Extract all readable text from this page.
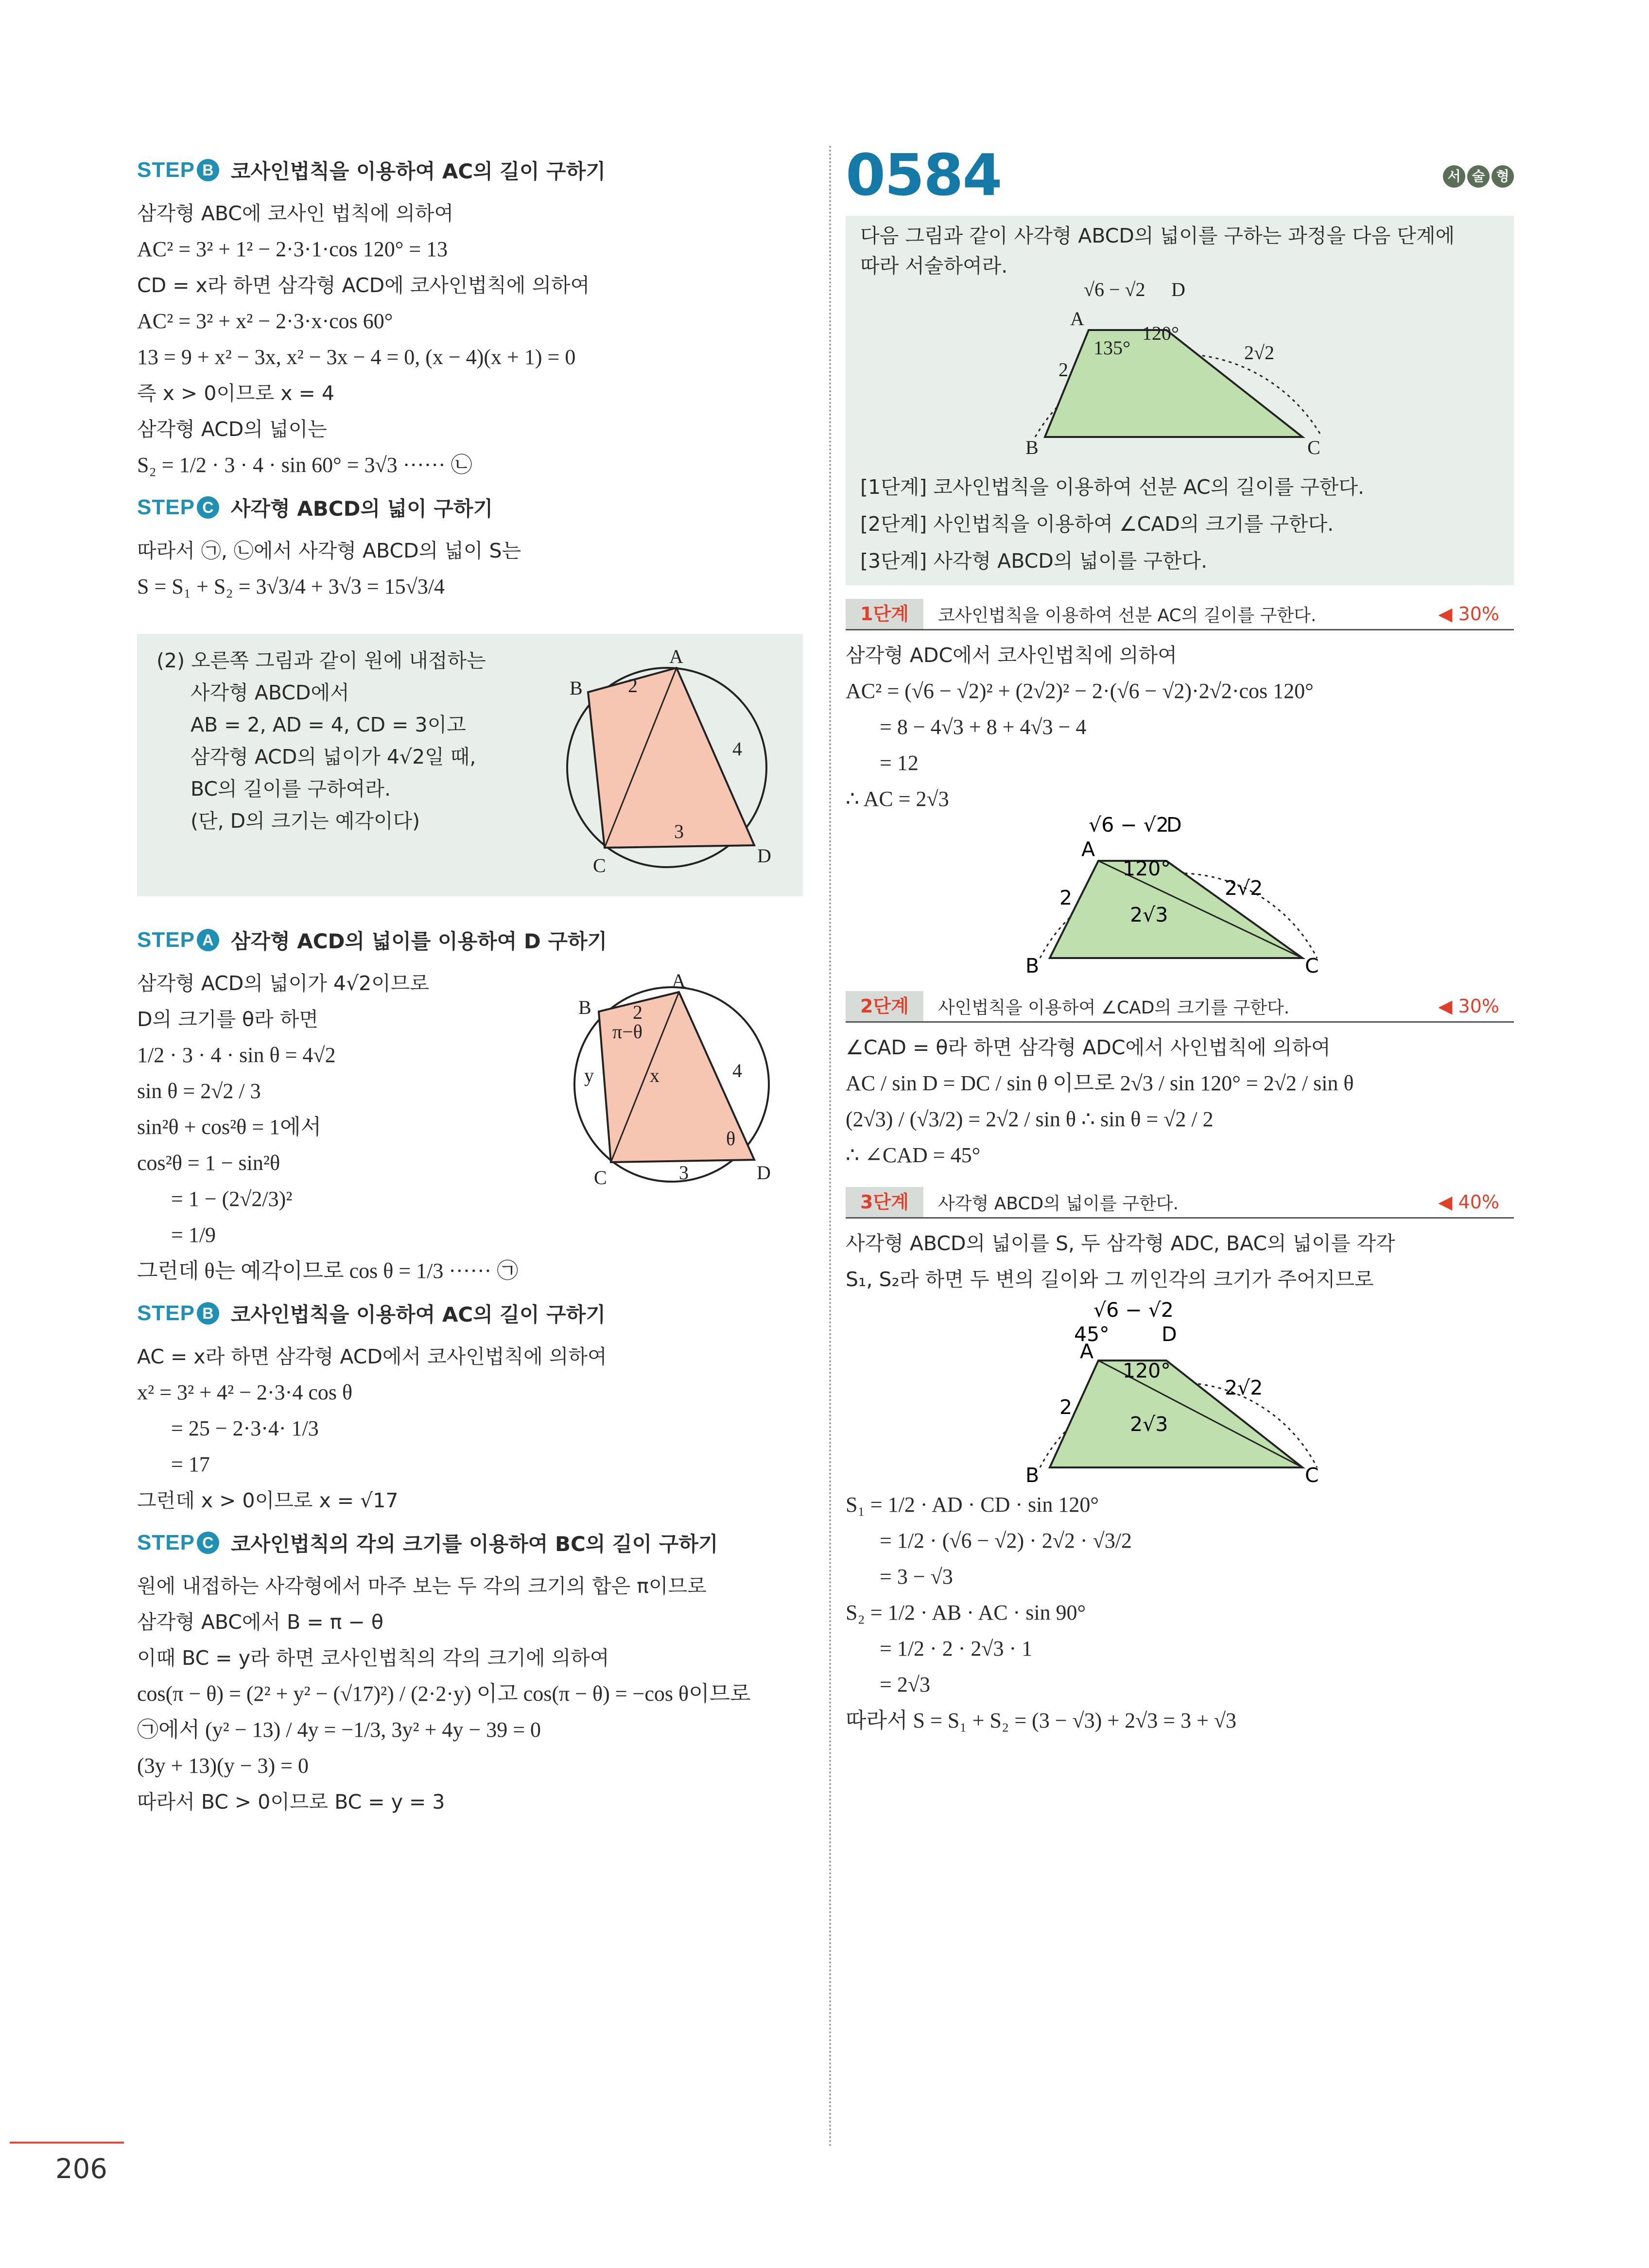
STEP B 코사인법칙을 이용하여 AC의 길이 구하기
삼각형 ABC에 코사인 법칙에 의하여
AC² = 3² + 1² − 2·3·1·cos 120° = 13
CD = x라 하면 삼각형 ACD에 코사인법칙에 의하여
AC² = 3² + x² − 2·3·x·cos 60°
13 = 9 + x² − 3x, x² − 3x − 4 = 0, (x − 4)(x + 1) = 0
즉 x > 0이므로 x = 4
삼각형 ACD의 넓이는
S₂ = 1/2 · 3 · 4 · sin 60° = 3√3 ······ ㉡
STEP C 사각형 ABCD의 넓이 구하기
따라서 ㉠, ㉡에서 사각형 ABCD의 넓이 S는
S = S₁ + S₂ = 3√3/4 + 3√3 = 15√3/4
(2) 오른쪽 그림과 같이 원에 내접하는
사각형 ABCD에서
AB = 2, AD = 4, CD = 3이고
삼각형 ACD의 넓이가 4√2일 때,
BC의 길이를 구하여라.
(단, D의 크기는 예각이다)
A
B
C	D
2
4
3
STEP A 삼각형 ACD의 넓이를 이용하여 D 구하기
삼각형 ACD의 넓이가 4√2이므로
D의 크기를 θ라 하면
1/2 · 3 · 4 · sin θ = 4√2
sin θ = 2√2 / 3
sin²θ + cos²θ = 1에서
cos²θ = 1 − sin²θ
= 1 − (2√2/3)²
= 1/9
그런데 θ는 예각이므로 cos θ = 1/3 ······ ㉠
A
B
C	D
2
π−θ
y	x	4
θ
3
STEP B 코사인법칙을 이용하여 AC의 길이 구하기
AC = x라 하면 삼각형 ACD에서 코사인법칙에 의하여
x² = 3² + 4² − 2·3·4 cos θ
= 25 − 2·3·4· 1/3
= 17
그런데 x > 0이므로 x = √17
STEP C 코사인법칙의 각의 크기를 이용하여 BC의 길이 구하기
원에 내접하는 사각형에서 마주 보는 두 각의 크기의 합은 π이므로
삼각형 ABC에서 B = π − θ
이때 BC = y라 하면 코사인법칙의 각의 크기에 의하여
cos(π − θ) = (2² + y² − (√17)²) / (2·2·y) 이고 cos(π − θ) = −cos θ이므로
㉠에서 (y² − 13) / 4y = −1/3, 3y² + 4y − 39 = 0
(3y + 13)(y − 3) = 0
따라서 BC > 0이므로 BC = y = 3
0584	서 술 형
다음 그림과 같이 사각형 ABCD의 넓이를 구하는 과정을 다음 단계에
따라 서술하여라.
√6 − √2 D
A
135°
120°
2√2
2
B	C
[1단계] 코사인법칙을 이용하여 선분 AC의 길이를 구한다.
[2단계] 사인법칙을 이용하여 ∠CAD의 크기를 구한다.
[3단계] 사각형 ABCD의 넓이를 구한다.
1단계	코사인법칙을 이용하여 선분 AC의 길이를 구한다.	◀ 30%
삼각형 ADC에서 코사인법칙에 의하여
AC² = (√6 − √2)² + (2√2)² − 2·(√6 − √2)·2√2·cos 120°
= 8 − 4√3 + 8 + 4√3 − 4
= 12
∴ AC = 2√3
√6 − √2
D
A
120°
2√2
2
2√3
B	C
2단계	사인법칙을 이용하여 ∠CAD의 크기를 구한다.	◀ 30%
∠CAD = θ라 하면 삼각형 ADC에서 사인법칙에 의하여
AC / sin D = DC / sin θ 이므로 2√3 / sin 120° = 2√2 / sin θ
(2√3) / (√3/2) = 2√2 / sin θ ∴ sin θ = √2 / 2
∴ ∠CAD = 45°
3단계	사각형 ABCD의 넓이를 구한다.	◀ 40%
사각형 ABCD의 넓이를 S, 두 삼각형 ADC, BAC의 넓이를 각각
S₁, S₂라 하면 두 변의 길이와 그 끼인각의 크기가 주어지므로
√6 − √2
45°	D
A
120°
2√2
2
2√3
B	C
S₁ = 1/2 · AD · CD · sin 120°
= 1/2 · (√6 − √2) · 2√2 · √3/2
= 3 − √3
S₂ = 1/2 · AB · AC · sin 90°
= 1/2 · 2 · 2√3 · 1
= 2√3
따라서 S = S₁ + S₂ = (3 − √3) + 2√3 = 3 + √3
206
